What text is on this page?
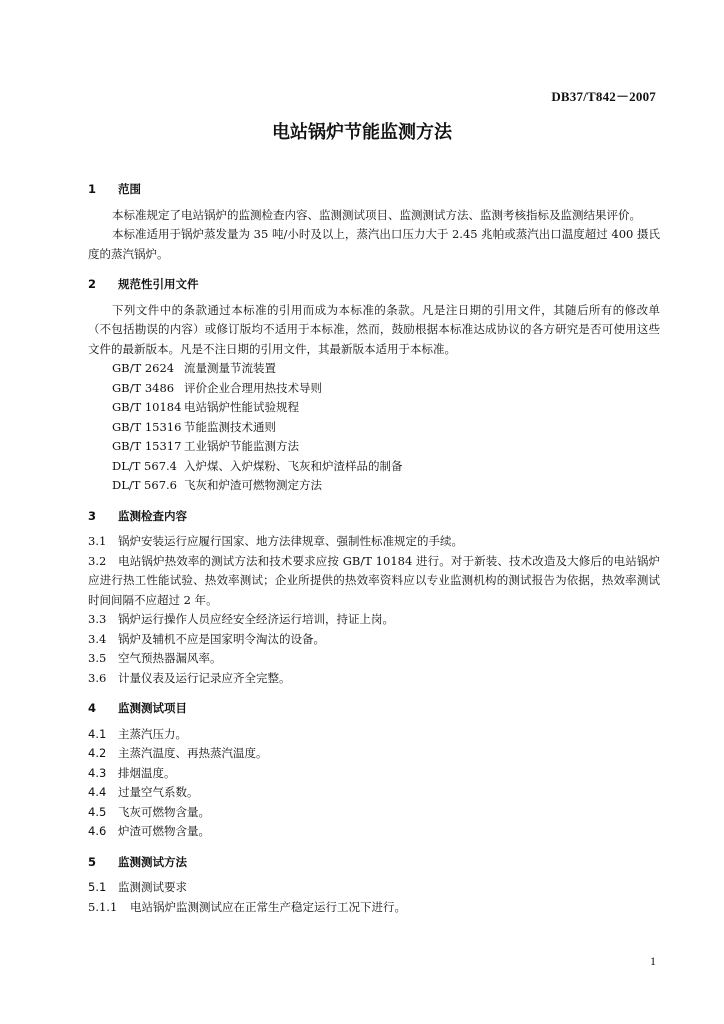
DB37/T842－2007
电站锅炉节能监测方法
1 范围
本标准规定了电站锅炉的监测检查内容、监测测试项目、监测测试方法、监测考核指标及监测结果评价。
本标准适用于锅炉蒸发量为 35 吨/小时及以上，蒸汽出口压力大于 2.45 兆帕或蒸汽出口温度超过 400 摄氏度的蒸汽锅炉。
2 规范性引用文件
下列文件中的条款通过本标准的引用而成为本标准的条款。凡是注日期的引用文件，其随后所有的修改单（不包括勘误的内容）或修订版均不适用于本标准，然而，鼓励根据本标准达成协议的各方研究是否可使用这些文件的最新版本。凡是不注日期的引用文件，其最新版本适用于本标准。
GB/T 2624 流量测量节流装置
GB/T 3486 评价企业合理用热技术导则
GB/T 10184 电站锅炉性能试验规程
GB/T 15316 节能监测技术通则
GB/T 15317 工业锅炉节能监测方法
DL/T 567.4 入炉煤、入炉煤粉、飞灰和炉渣样品的制备
DL/T 567.6 飞灰和炉渣可燃物测定方法
3 监测检查内容
3.1 锅炉安装运行应履行国家、地方法律规章、强制性标准规定的手续。
3.2 电站锅炉热效率的测试方法和技术要求应按 GB/T 10184 进行。对于新装、技术改造及大修后的电站锅炉应进行热工性能试验、热效率测试；企业所提供的热效率资料应以专业监测机构的测试报告为依据，热效率测试时间间隔不应超过 2 年。
3.3 锅炉运行操作人员应经安全经济运行培训，持证上岗。
3.4 锅炉及辅机不应是国家明令淘汰的设备。
3.5 空气预热器漏风率。
3.6 计量仪表及运行记录应齐全完整。
4 监测测试项目
4.1 主蒸汽压力。
4.2 主蒸汽温度、再热蒸汽温度。
4.3 排烟温度。
4.4 过量空气系数。
4.5 飞灰可燃物含量。
4.6 炉渣可燃物含量。
5 监测测试方法
5.1 监测测试要求
5.1.1 电站锅炉监测测试应在正常生产稳定运行工况下进行。
1
